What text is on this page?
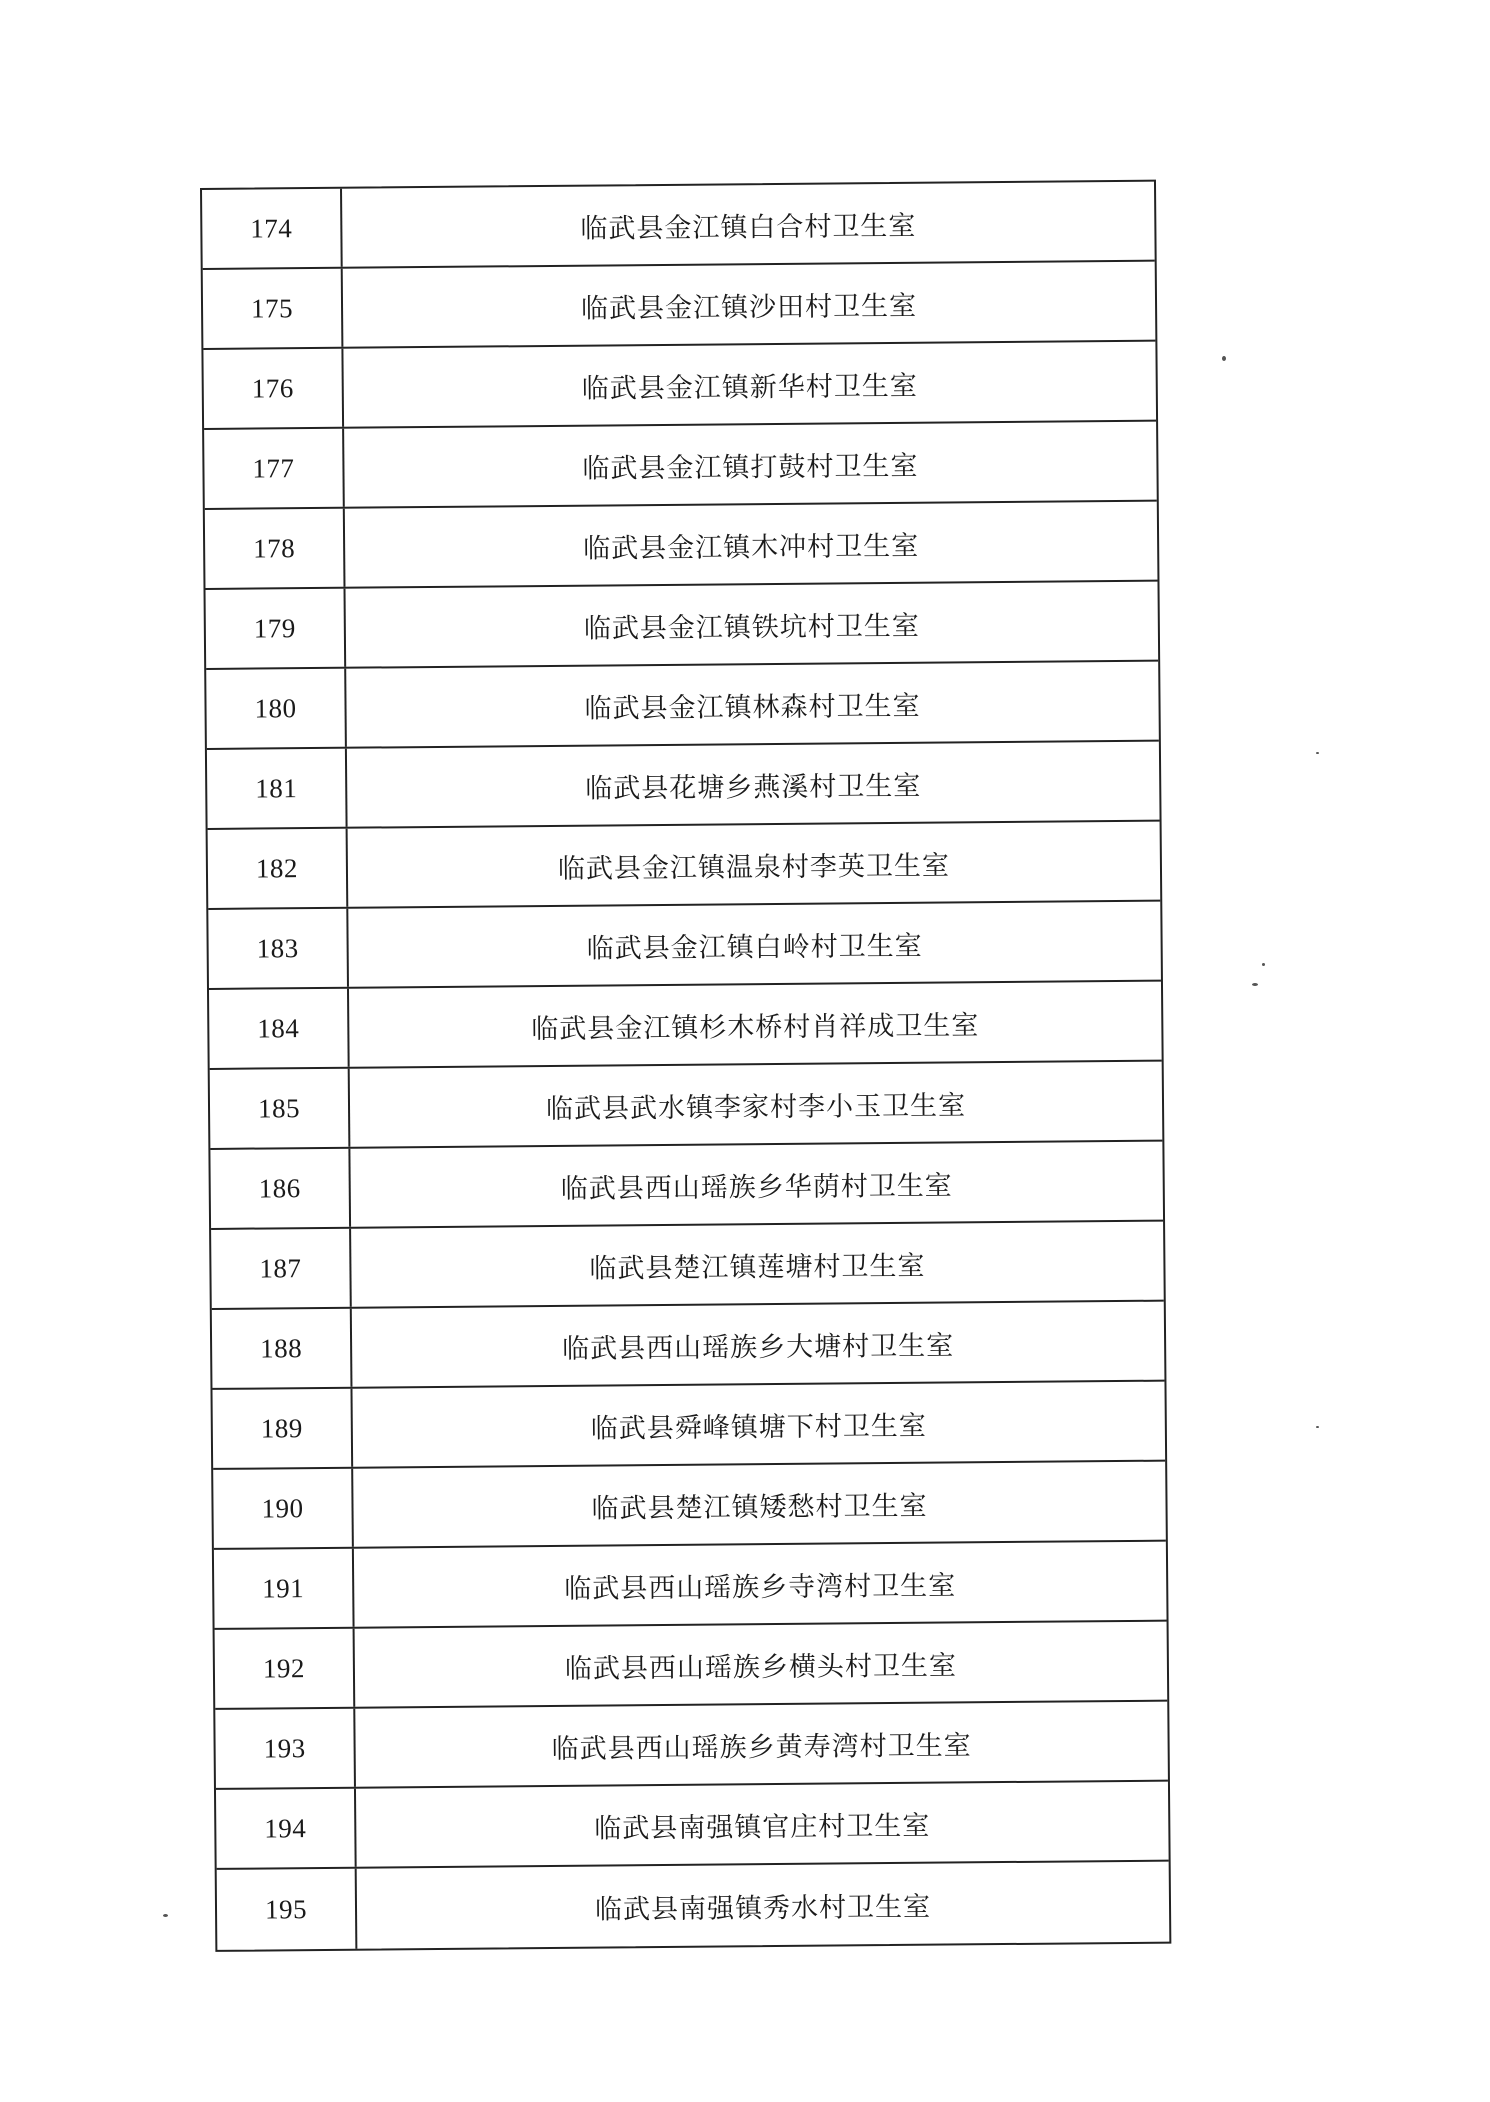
174	临武县金江镇白合村卫生室
175	临武县金江镇沙田村卫生室
176	临武县金江镇新华村卫生室
177	临武县金江镇打鼓村卫生室
178	临武县金江镇木冲村卫生室
179	临武县金江镇铁坑村卫生室
180	临武县金江镇林森村卫生室
181	临武县花塘乡燕溪村卫生室
182	临武县金江镇温泉村李英卫生室
183	临武县金江镇白岭村卫生室
184	临武县金江镇杉木桥村肖祥成卫生室
185	临武县武水镇李家村李小玉卫生室
186	临武县西山瑶族乡华荫村卫生室
187	临武县楚江镇莲塘村卫生室
188	临武县西山瑶族乡大塘村卫生室
189	临武县舜峰镇塘下村卫生室
190	临武县楚江镇矮愁村卫生室
191	临武县西山瑶族乡寺湾村卫生室
192	临武县西山瑶族乡横头村卫生室
193	临武县西山瑶族乡黄寿湾村卫生室
194	临武县南强镇官庄村卫生室
195	临武县南强镇秀水村卫生室
